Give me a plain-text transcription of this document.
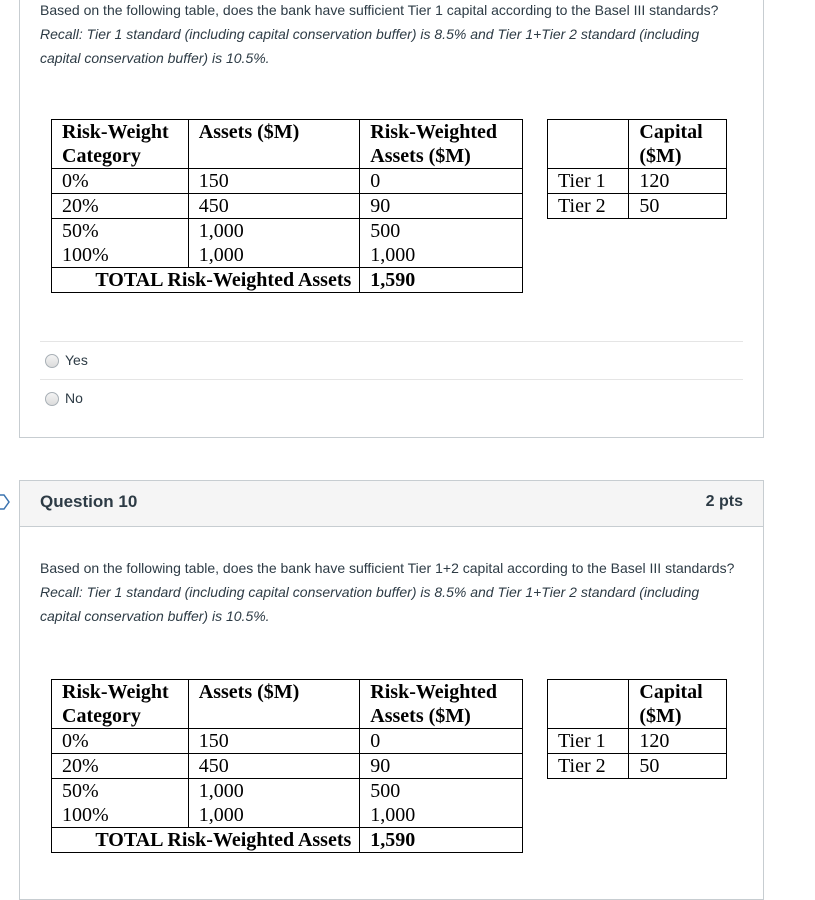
Based on the following table, does the bank have sufficient Tier 1 capital according to the Basel III standards?

Recall: Tier 1 standard (including capital conservation buffer) is 8.5% and Tier 1+Tier 2 standard (including capital conservation buffer) is 10.5%.

Risk-Weight Category	Assets ($M)	Risk-Weighted Assets ($M)
0%	150	0
20%	450	90
50%	1,000	500
100%	1,000	1,000
TOTAL Risk-Weighted Assets		1,590
	Capital ($M)
Tier 1	120
Tier 2	50
Yes
No
Question 10	2 pts

Based on the following table, does the bank have sufficient Tier 1+2 capital according to the Basel III standards?

Recall: Tier 1 standard (including capital conservation buffer) is 8.5% and Tier 1+Tier 2 standard (including capital conservation buffer) is 10.5%.

Risk-Weight Category	Assets ($M)	Risk-Weighted Assets ($M)
0%	150	0
20%	450	90
50%	1,000	500
100%	1,000	1,000
TOTAL Risk-Weighted Assets		1,590
	Capital ($M)
Tier 1	120
Tier 2	50
